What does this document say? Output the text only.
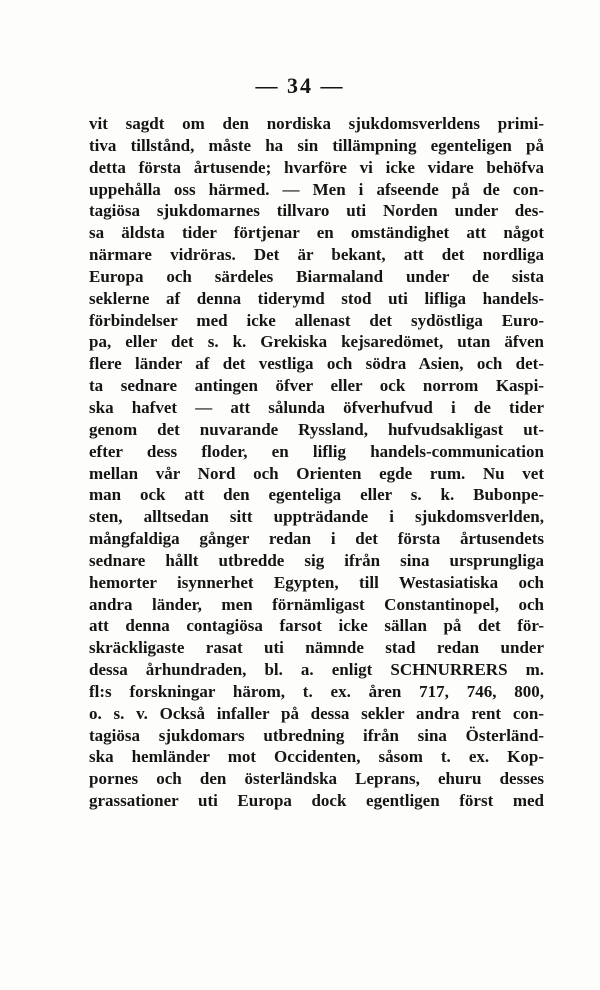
— 34 —
vit sagdt om den nordiska sjukdomsverldens primi-
tiva tillstånd, måste ha sin tillämpning egenteligen på
detta första årtusende; hvarföre vi icke vidare behöfva
uppehålla oss härmed. — Men i afseende på de con-
tagiösa sjukdomarnes tillvaro uti Norden under des-
sa äldsta tider förtjenar en omständighet att något
närmare vidröras. Det är bekant, att det nordliga
Europa och särdeles Biarmaland under de sista
seklerne af denna tiderymd stod uti lifliga handels-
förbindelser med icke allenast det sydöstliga Euro-
pa, eller det s. k. Grekiska kejsaredömet, utan äfven
flere länder af det vestliga och södra Asien, och det-
ta sednare antingen öfver eller ock norrom Kaspi-
ska hafvet — att sålunda öfverhufvud i de tider
genom det nuvarande Ryssland, hufvudsakligast ut-
efter dess floder, en liflig handels-communication
mellan vår Nord och Orienten egde rum. Nu vet
man ock att den egenteliga eller s. k. Bubonpe-
sten, alltsedan sitt uppträdande i sjukdomsverlden,
mångfaldiga gånger redan i det första årtusendets
sednare hållt utbredde sig ifrån sina ursprungliga
hemorter isynnerhet Egypten, till Westasiatiska och
andra länder, men förnämligast Constantinopel, och
att denna contagiösa farsot icke sällan på det för-
skräckligaste rasat uti nämnde stad redan under
dessa århundraden, bl. a. enligt SCHNURRERS m.
fl:s forskningar härom, t. ex. åren 717, 746, 800,
o. s. v. Också infaller på dessa sekler andra rent con-
tagiösa sjukdomars utbredning ifrån sina Österländ-
ska hemländer mot Occidenten, såsom t. ex. Kop-
pornes och den österländska Leprans, ehuru desses
grassationer uti Europa dock egentligen först med
